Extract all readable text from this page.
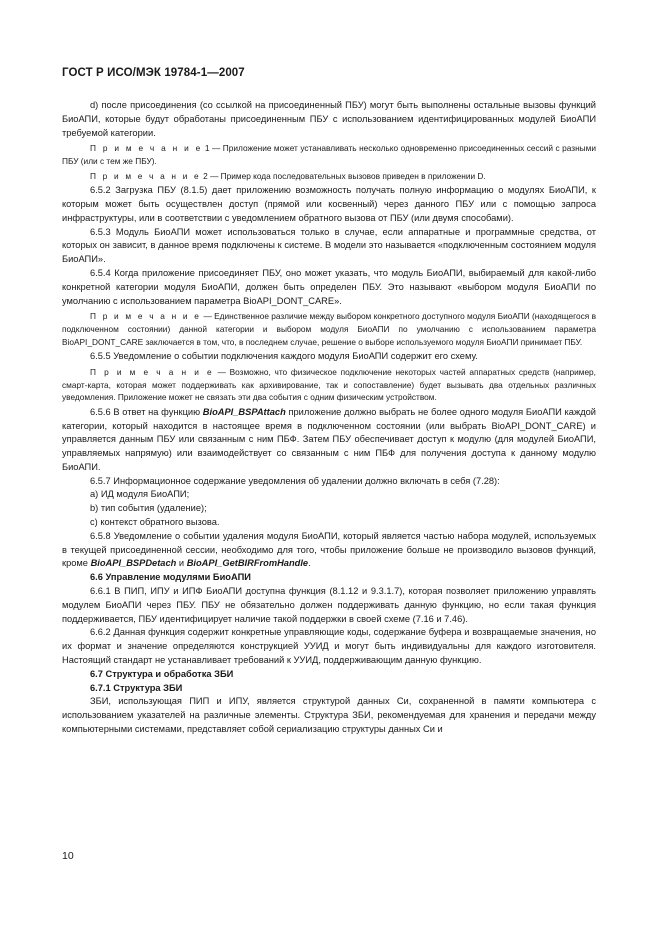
ГОСТ Р ИСО/МЭК 19784-1—2007

d) после присоединения (со ссылкой на присоединенный ПБУ) могут быть выполнены остальные вызовы функций БиоАПИ, которые будут обработаны присоединенным ПБУ с использованием идентифицированных модулей БиоАПИ требуемой категории.

П р и м е ч а н и е 1 — Приложение может устанавливать несколько одновременно присоединенных сессий с разными ПБУ (или с тем же ПБУ).

П р и м е ч а н и е 2 — Пример кода последовательных вызовов приведен в приложении D.

6.5.2 Загрузка ПБУ (8.1.5) дает приложению возможность получать полную информацию о модулях БиоАПИ, к которым может быть осуществлен доступ (прямой или косвенный) через данного ПБУ или с помощью запроса инфраструктуры, или в соответствии с уведомлением обратного вызова от ПБУ (или двумя способами).

6.5.3 Модуль БиоАПИ может использоваться только в случае, если аппаратные и программные средства, от которых он зависит, в данное время подключены к системе. В модели это называется «подключенным состоянием модуля БиоАПИ».

6.5.4 Когда приложение присоединяет ПБУ, оно может указать, что модуль БиоАПИ, выбираемый для какой-либо конкретной категории модуля БиоАПИ, должен быть определен ПБУ. Это называют «выбором модуля БиоАПИ по умолчанию с использованием параметра BioAPI_DONT_CARE».

П р и м е ч а н и е — Единственное различие между выбором конкретного доступного модуля БиоАПИ (находящегося в подключенном состоянии) данной категории и выбором модуля БиоАПИ по умолчанию с использованием параметра BioAPI_DONT_CARE заключается в том, что, в последнем случае, решение о выборе используемого модуля БиоАПИ принимает ПБУ.

6.5.5 Уведомление о событии подключения каждого модуля БиоАПИ содержит его схему.

П р и м е ч а н и е — Возможно, что физическое подключение некоторых частей аппаратных средств (например, смарт-карта, которая может поддерживать как архивирование, так и сопоставление) будет вызывать два отдельных различных уведомления. Приложение может не связать эти два события с одним физическим устройством.

6.5.6 В ответ на функцию BioAPI_BSPAttach приложение должно выбрать не более одного модуля БиоАПИ каждой категории, который находится в настоящее время в подключенном состоянии (или выбрать BioAPI_DONT_CARE) и управляется данным ПБУ или связанным с ним ПБФ. Затем ПБУ обеспечивает доступ к модулю (для модулей БиоАПИ, управляемых напрямую) или взаимодействует со связанным с ним ПБФ для получения доступа к данному модулю БиоАПИ.

6.5.7 Информационное содержание уведомления об удалении должно включать в себя (7.28):

а) ИД модуля БиоАПИ;

b) тип события (удаление);

c) контекст обратного вызова.

6.5.8 Уведомление о событии удаления модуля БиоАПИ, который является частью набора модулей, используемых в текущей присоединенной сессии, необходимо для того, чтобы приложение больше не производило вызовов функций, кроме BioAPI_BSPDetach и BioAPI_GetBIRFromHandle.

6.6 Управление модулями БиоАПИ

6.6.1 В ПИП, ИПУ и ИПФ БиоАПИ доступна функция (8.1.12 и 9.3.1.7), которая позволяет приложению управлять модулем БиоАПИ через ПБУ. ПБУ не обязательно должен поддерживать данную функцию, но если такая функция поддерживается, ПБУ идентифицирует наличие такой поддержки в своей схеме (7.16 и 7.46).

6.6.2 Данная функция содержит конкретные управляющие коды, содержание буфера и возвращаемые значения, но их формат и значение определяются конструкцией УУИД и могут быть индивидуальны для каждого изготовителя. Настоящий стандарт не устанавливает требований к УУИД, поддерживающим данную функцию.

6.7 Структура и обработка ЗБИ

6.7.1 Структура ЗБИ

ЗБИ, использующая ПИП и ИПУ, является структурой данных Си, сохраненной в памяти компьютера с использованием указателей на различные элементы. Структура ЗБИ, рекомендуемая для хранения и передачи между компьютерными системами, представляет собой сериализацию структуры данных Си и

10
